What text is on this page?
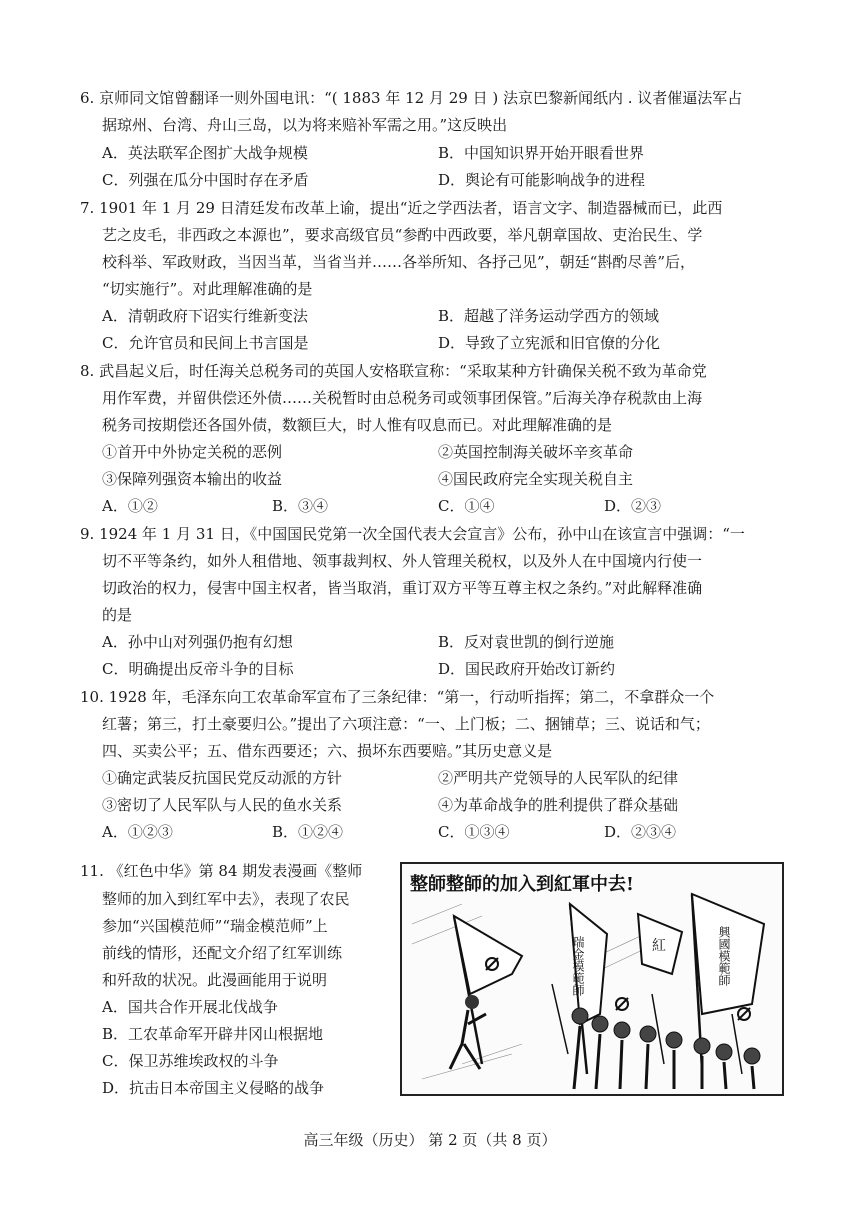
6. 京师同文馆曾翻译一则外国电讯：“( 1883 年 12 月 29 日 ) 法京巴黎新闻纸内 . 议者催逼法军占
据琼州、台湾、舟山三岛，以为将来赔补军需之用。”这反映出
A．英法联军企图扩大战争规模	B．中国知识界开始开眼看世界
C．列强在瓜分中国时存在矛盾	D．舆论有可能影响战争的进程
7. 1901 年 1 月 29 日清廷发布改革上谕，提出“近之学西法者，语言文字、制造器械而已，此西
艺之皮毛，非西政之本源也”，要求高级官员“参酌中西政要，举凡朝章国故、吏治民生、学
校科举、军政财政，当因当革，当省当并……各举所知、各抒己见”，朝廷“斟酌尽善”后，
“切实施行”。对此理解准确的是
A．清朝政府下诏实行维新变法	B．超越了洋务运动学西方的领域
C．允许官员和民间上书言国是	D．导致了立宪派和旧官僚的分化
8. 武昌起义后，时任海关总税务司的英国人安格联宣称：“采取某种方针确保关税不致为革命党
用作军费，并留供偿还外债……关税暂时由总税务司或领事团保管。”后海关净存税款由上海
税务司按期偿还各国外债，数额巨大，时人惟有叹息而已。对此理解准确的是
①首开中外协定关税的恶例	②英国控制海关破坏辛亥革命
③保障列强资本输出的收益	④国民政府完全实现关税自主
A．①②	B．③④	C．①④	D．②③
9. 1924 年 1 月 31 日，《中国国民党第一次全国代表大会宣言》公布，孙中山在该宣言中强调：“一
切不平等条约，如外人租借地、领事裁判权、外人管理关税权，以及外人在中国境内行使一
切政治的权力，侵害中国主权者，皆当取消，重订双方平等互尊主权之条约。”对此解释准确
的是
A．孙中山对列强仍抱有幻想	B．反对袁世凯的倒行逆施
C．明确提出反帝斗争的目标	D．国民政府开始改订新约
10. 1928 年，毛泽东向工农革命军宣布了三条纪律：“第一，行动听指挥；第二，不拿群众一个
红薯；第三，打土豪要归公。”提出了六项注意：“一、上门板；二、捆铺草；三、说话和气；
四、买卖公平；五、借东西要还；六、损坏东西要赔。”其历史意义是
①确定武装反抗国民党反动派的方针	②严明共产党领导的人民军队的纪律
③密切了人民军队与人民的鱼水关系	④为革命战争的胜利提供了群众基础
A．①②③	B．①②④	C．①③④	D．②③④
11. 《红色中华》第 84 期发表漫画《整师
整师的加入到红军中去》，表现了农民
参加“兴国模范师”“瑞金模范师”上
前线的情形，还配文介绍了红军训练
和歼敌的状况。此漫画能用于说明
A．国共合作开展北伐战争
B．工农革命军开辟井冈山根据地
C．保卫苏维埃政权的斗争
D．抗击日本帝国主义侵略的战争
整師整師的加入到紅軍中去!
瑞金模範師	興國模範師
紅
高三年级（历史） 第 2 页（共 8 页）
